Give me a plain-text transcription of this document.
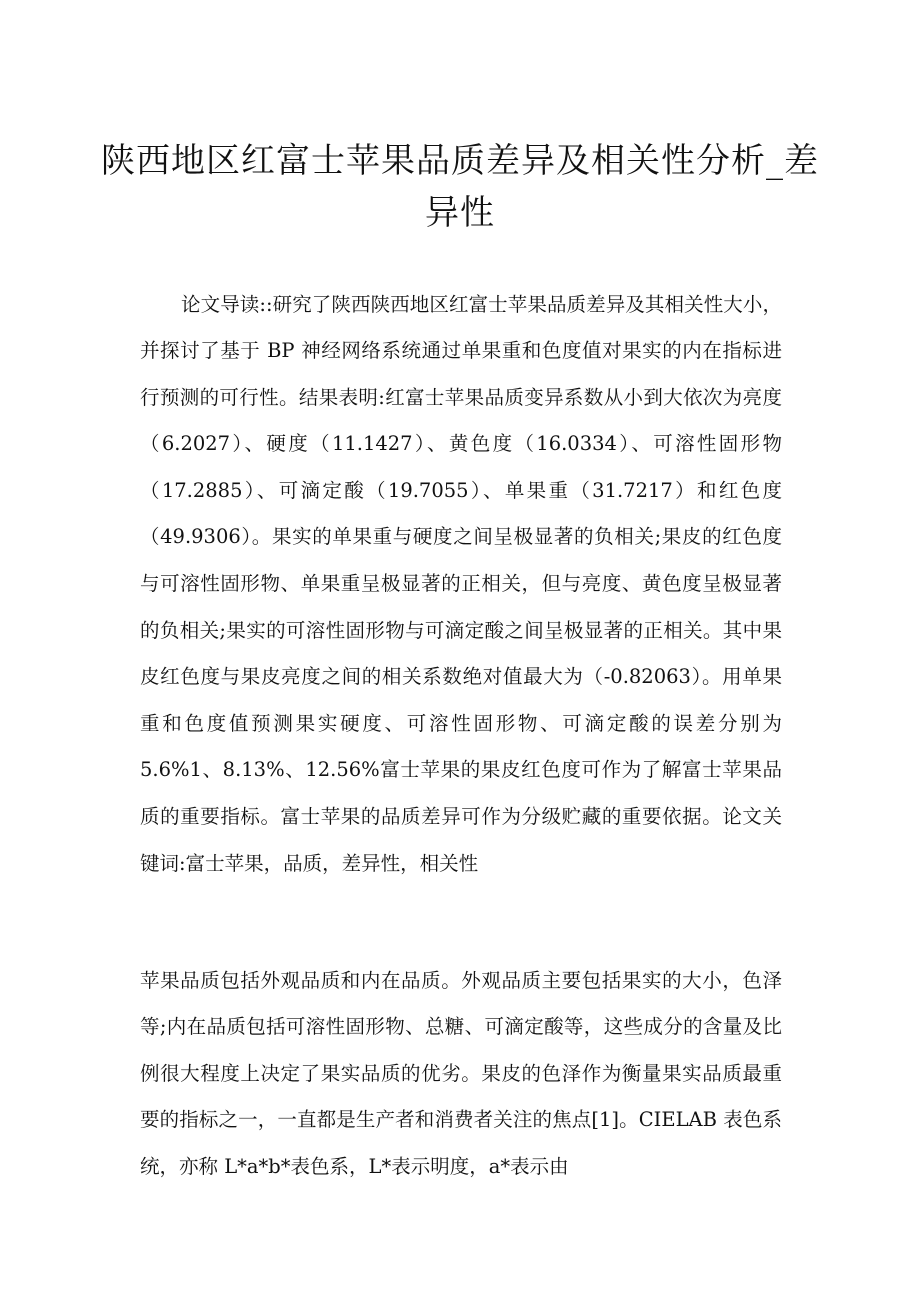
陕西地区红富士苹果品质差异及相关性分析_差异性

论文导读::研究了陕西陕西地区红富士苹果品质差异及其相关性大小，并探讨了基于 BP 神经网络系统通过单果重和色度值对果实的内在指标进行预测的可行性。结果表明:红富士苹果品质变异系数从小到大依次为亮度（6.2027）、硬度（11.1427）、黄色度（16.0334）、可溶性固形物（17.2885）、可滴定酸（19.7055）、单果重（31.7217）和红色度（49.9306）。果实的单果重与硬度之间呈极显著的负相关;果皮的红色度与可溶性固形物、单果重呈极显著的正相关，但与亮度、黄色度呈极显著的负相关;果实的可溶性固形物与可滴定酸之间呈极显著的正相关。其中果皮红色度与果皮亮度之间的相关系数绝对值最大为（-0.82063）。用单果重和色度值预测果实硬度、可溶性固形物、可滴定酸的误差分别为 5.6%1、8.13%、12.56%富士苹果的果皮红色度可作为了解富士苹果品质的重要指标。富士苹果的品质差异可作为分级贮藏的重要依据。论文关键词:富士苹果，品质，差异性，相关性

苹果品质包括外观品质和内在品质。外观品质主要包括果实的大小，色泽等;内在品质包括可溶性固形物、总糖、可滴定酸等，这些成分的含量及比例很大程度上决定了果实品质的优劣。果皮的色泽作为衡量果实品质最重要的指标之一，一直都是生产者和消费者关注的焦点[1]。CIELAB 表色系统，亦称 L*a*b*表色系，L*表示明度，a*表示由
